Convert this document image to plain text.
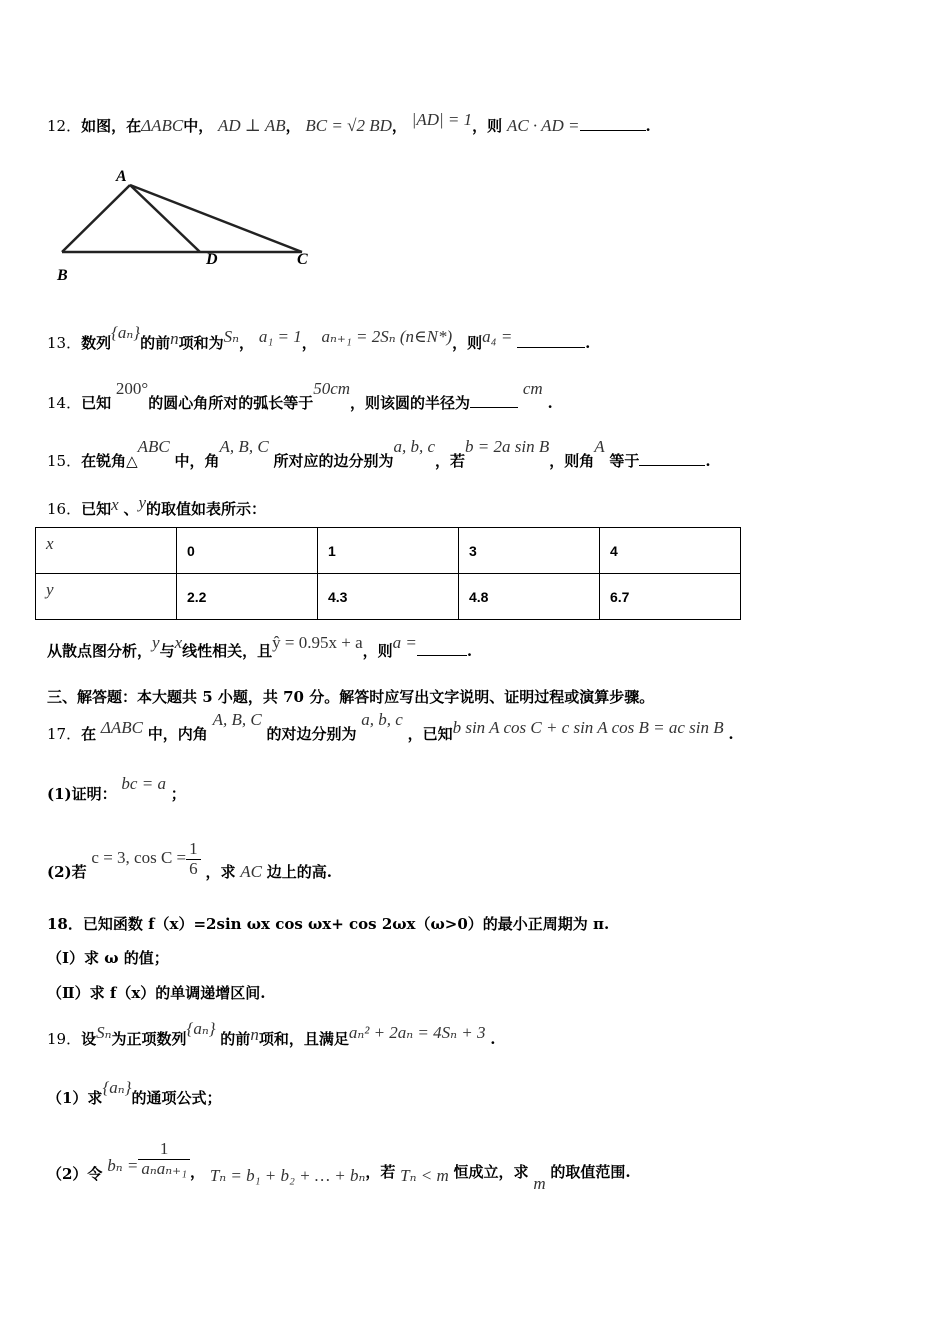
12．如图，在ΔABC中， AD ⊥ AB， BC = √2 BD， |AD| = 1，则 AC · AD =	.
A
B
D	C
13．数列{aₙ}的前n项和为Sₙ， a₁ = 1， aₙ₊₁ = 2Sₙ (n∈N*)，则a₄ =	.
14．已知 200°的圆心角所对的弧长等于50cm，则该圆的半径为 cm .
15．在锐角△ABC 中，角A, B, C 所对应的边分别为a, b, c，若b = 2a sin B，则角A 等于	.
16．已知x 、y的取值如表所示：
x	0	1	3	4
y	2.2	4.3	4.8	6.7
从散点图分析，y与x线性相关，且ŷ = 0.95x + a，则a =	.
三、解答题：本大题共 5 小题，共 70 分。解答时应写出文字说明、证明过程或演算步骤。
17．在 ΔABC 中，内角 A, B, C 的对边分别为 a, b, c ，已知b sin A cos C + c sin A cos B = ac sin B .
(1)证明： bc = a ；
(2)若 c = 3, $\cos C = \frac{1}{6}$ ，求 AC 边上的高.
18．已知函数 f（x）=2sin ωx cos ωx+ cos 2ωx（ω>0）的最小正周期为 π.
（Ⅰ）求 ω 的值；
（Ⅱ）求 f（x）的单调递增区间.
19．设Sₙ为正项数列{aₙ} 的前n项和，且满足aₙ² + 2aₙ = 4Sₙ + 3 .
（1）求{aₙ}的通项公式；
（2）令 $b_n = \frac{1}{\text{aₙaₙ₊₁}}$ ， Tₙ = b₁ + b₂ + … + bₙ，若 Tₙ < m 恒成立，求 m 的取值范围.
